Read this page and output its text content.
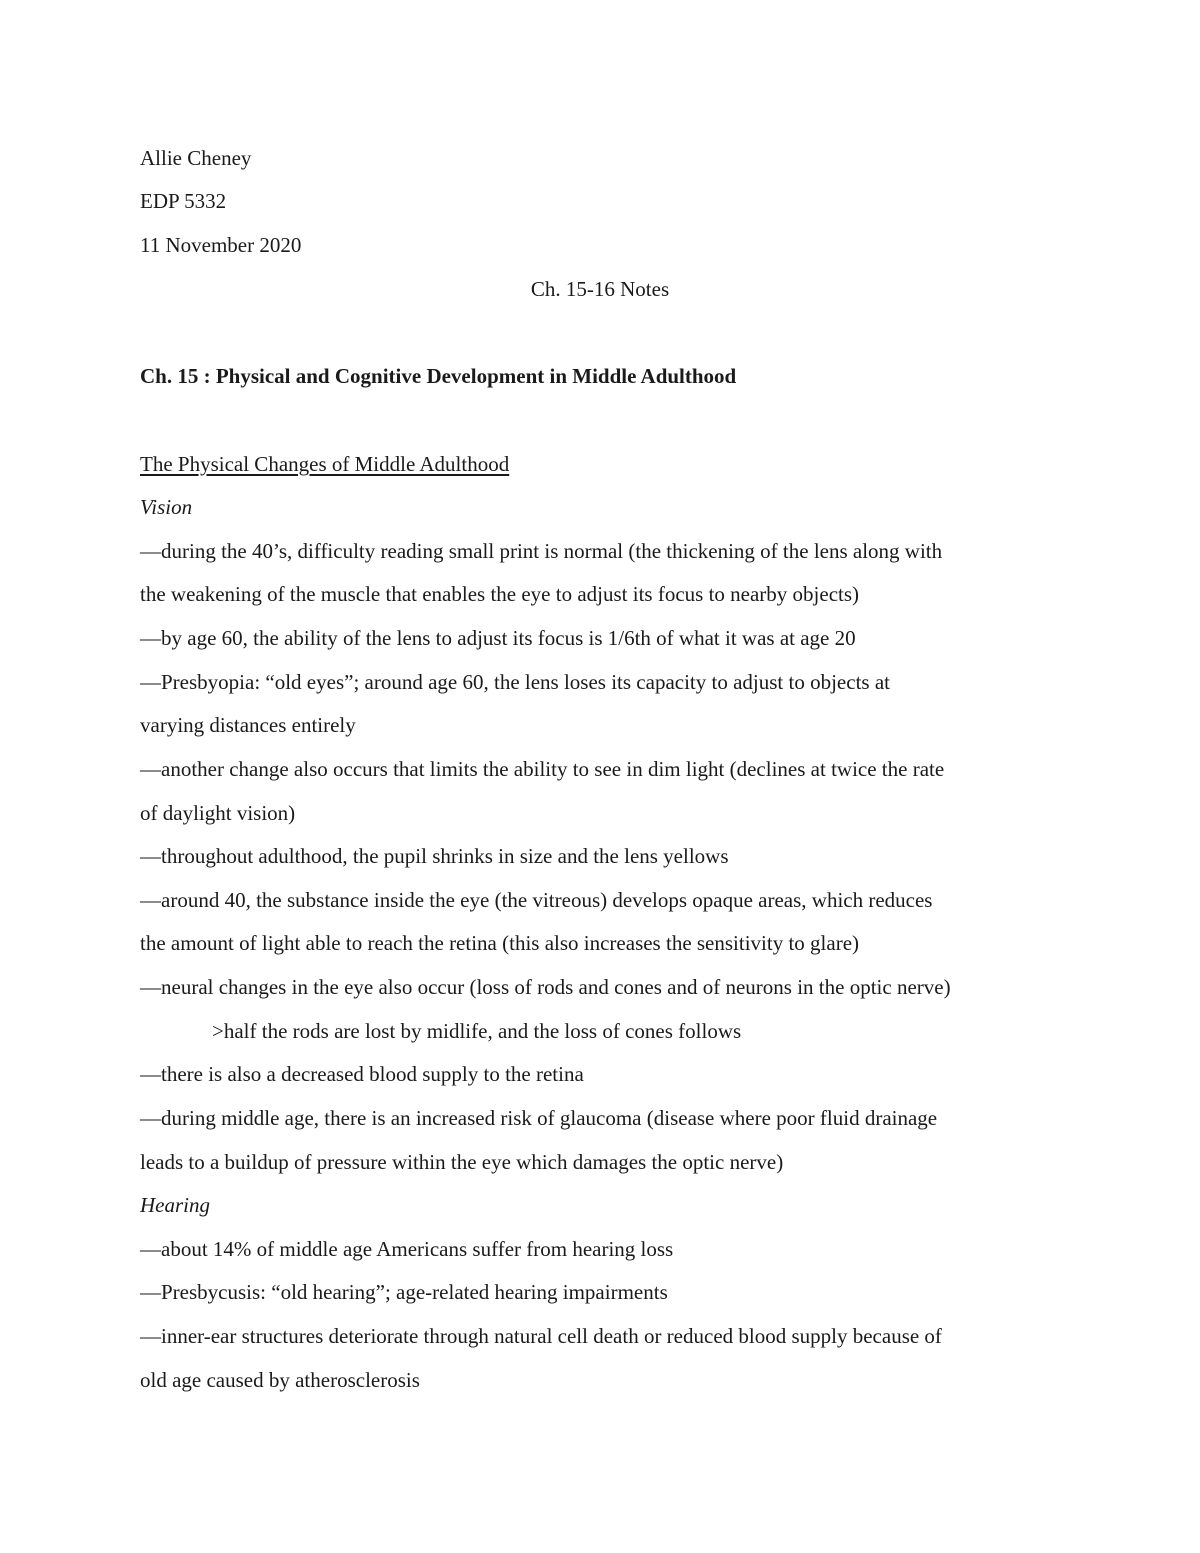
Allie Cheney
EDP 5332
11 November 2020
Ch. 15-16 Notes
Ch. 15 : Physical and Cognitive Development in Middle Adulthood
The Physical Changes of Middle Adulthood
Vision
—during the 40’s, difficulty reading small print is normal (the thickening of the lens along with
the weakening of the muscle that enables the eye to adjust its focus to nearby objects)
—by age 60, the ability of the lens to adjust its focus is 1/6th of what it was at age 20
—Presbyopia: “old eyes”; around age 60, the lens loses its capacity to adjust to objects at
varying distances entirely
—another change also occurs that limits the ability to see in dim light (declines at twice the rate
of daylight vision)
—throughout adulthood, the pupil shrinks in size and the lens yellows
—around 40, the substance inside the eye (the vitreous) develops opaque areas, which reduces
the amount of light able to reach the retina (this also increases the sensitivity to glare)
—neural changes in the eye also occur (loss of rods and cones and of neurons in the optic nerve)
>half the rods are lost by midlife, and the loss of cones follows
—there is also a decreased blood supply to the retina
—during middle age, there is an increased risk of glaucoma (disease where poor fluid drainage
leads to a buildup of pressure within the eye which damages the optic nerve)
Hearing
—about 14% of middle age Americans suffer from hearing loss
—Presbycusis: “old hearing”; age-related hearing impairments
—inner-ear structures deteriorate through natural cell death or reduced blood supply because of
old age caused by atherosclerosis
